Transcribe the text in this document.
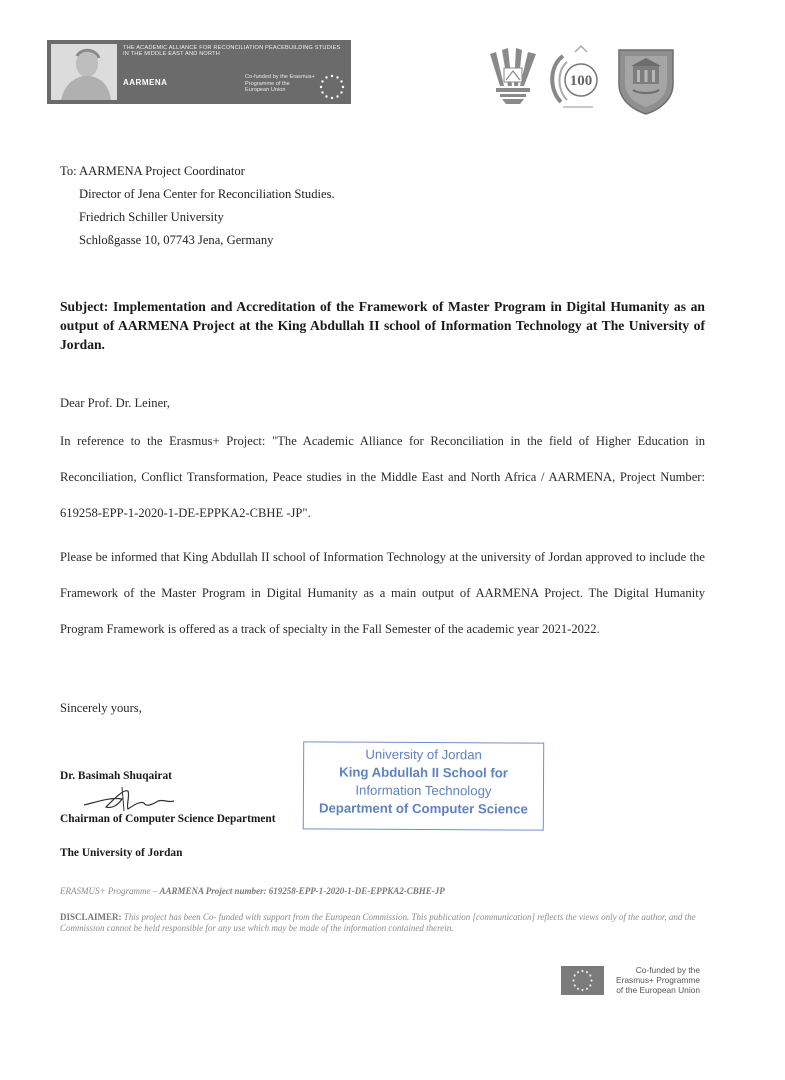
THE ACADEMIC ALLIANCE FOR RECONCILIATION PEACEBUILDING STUDIES IN THE MIDDLE EAST AND NORTH
AARMENA
Co-funded by the Erasmus+ Programme of the European Union
100
To: AARMENA Project Coordinator
Director of Jena Center for Reconciliation Studies.
Friedrich Schiller University
Schloßgasse 10, 07743 Jena, Germany
Subject: Implementation and Accreditation of the Framework of Master Program in Digital Humanity as an output of AARMENA Project at the King Abdullah II school of Information Technology at The University of Jordan.
Dear Prof. Dr. Leiner,
In reference to the Erasmus+ Project: "The Academic Alliance for Reconciliation in the field of Higher Education in Reconciliation, Conflict Transformation, Peace studies in the Middle East and North Africa / AARMENA, Project Number: 619258-EPP-1-2020-1-DE-EPPKA2-CBHE -JP".
Please be informed that King Abdullah II school of Information Technology at the university of Jordan approved to include the Framework of the Master Program in Digital Humanity as a main output of AARMENA Project. The Digital Humanity Program Framework is offered as a track of specialty in the Fall Semester of the academic year 2021-2022.
Sincerely yours,
Dr. Basimah Shuqairat
Chairman of Computer Science Department
The University of Jordan
University of Jordan
King Abdullah II School for
Information Technology
Department of Computer Science
ERASMUS+ Programme – AARMENA Project number: 619258-EPP-1-2020-1-DE-EPPKA2-CBHE-JP
DISCLAIMER: This project has been Co- funded with support from the European Commission. This publication [communication] reflects the views only of the author, and the Commission cannot be held responsible for any use which may be made of the information contained therein.
Co-funded by the Erasmus+ Programme of the European Union
